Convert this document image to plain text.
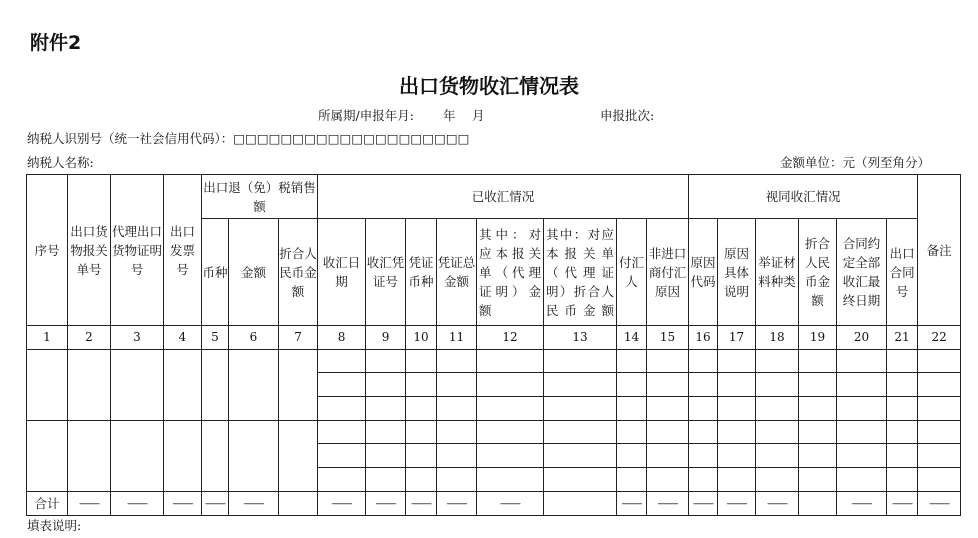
附件2
出口货物收汇情况表
所属期/申报年月: 年 月	申报批次:
纳税人识别号（统一社会信用代码）：□□□□□□□□□□□□□□□□□□□□
纳税人名称:	金额单位：元（列至角分）
序号	出口货物报关单号	代理出口货物证明号	出口发票号	出口退（免）税销售额			已收汇情况								视同收汇情况						备注
				币种	金额	折合人民币金额	收汇日期	收汇凭证号	凭证币种	凭证总金额	其中：对应本报关单（代理证明）金额	其中：对应本报关单（代理证明）折合人民币金额	付汇人	非进口商付汇原因	原因代码	原因具体说明	举证材料种类	折合人民币金额	合同约定全部收汇最终日期	出口合同号	
1	2	3	4	5	6	7	8	9	10	11	12	13	14	15	16	17	18	19	20	21	22

合计	——	——	——	——	——		——	——	——	——	——		——	——	——	——	——		——	——	——
填表说明:
